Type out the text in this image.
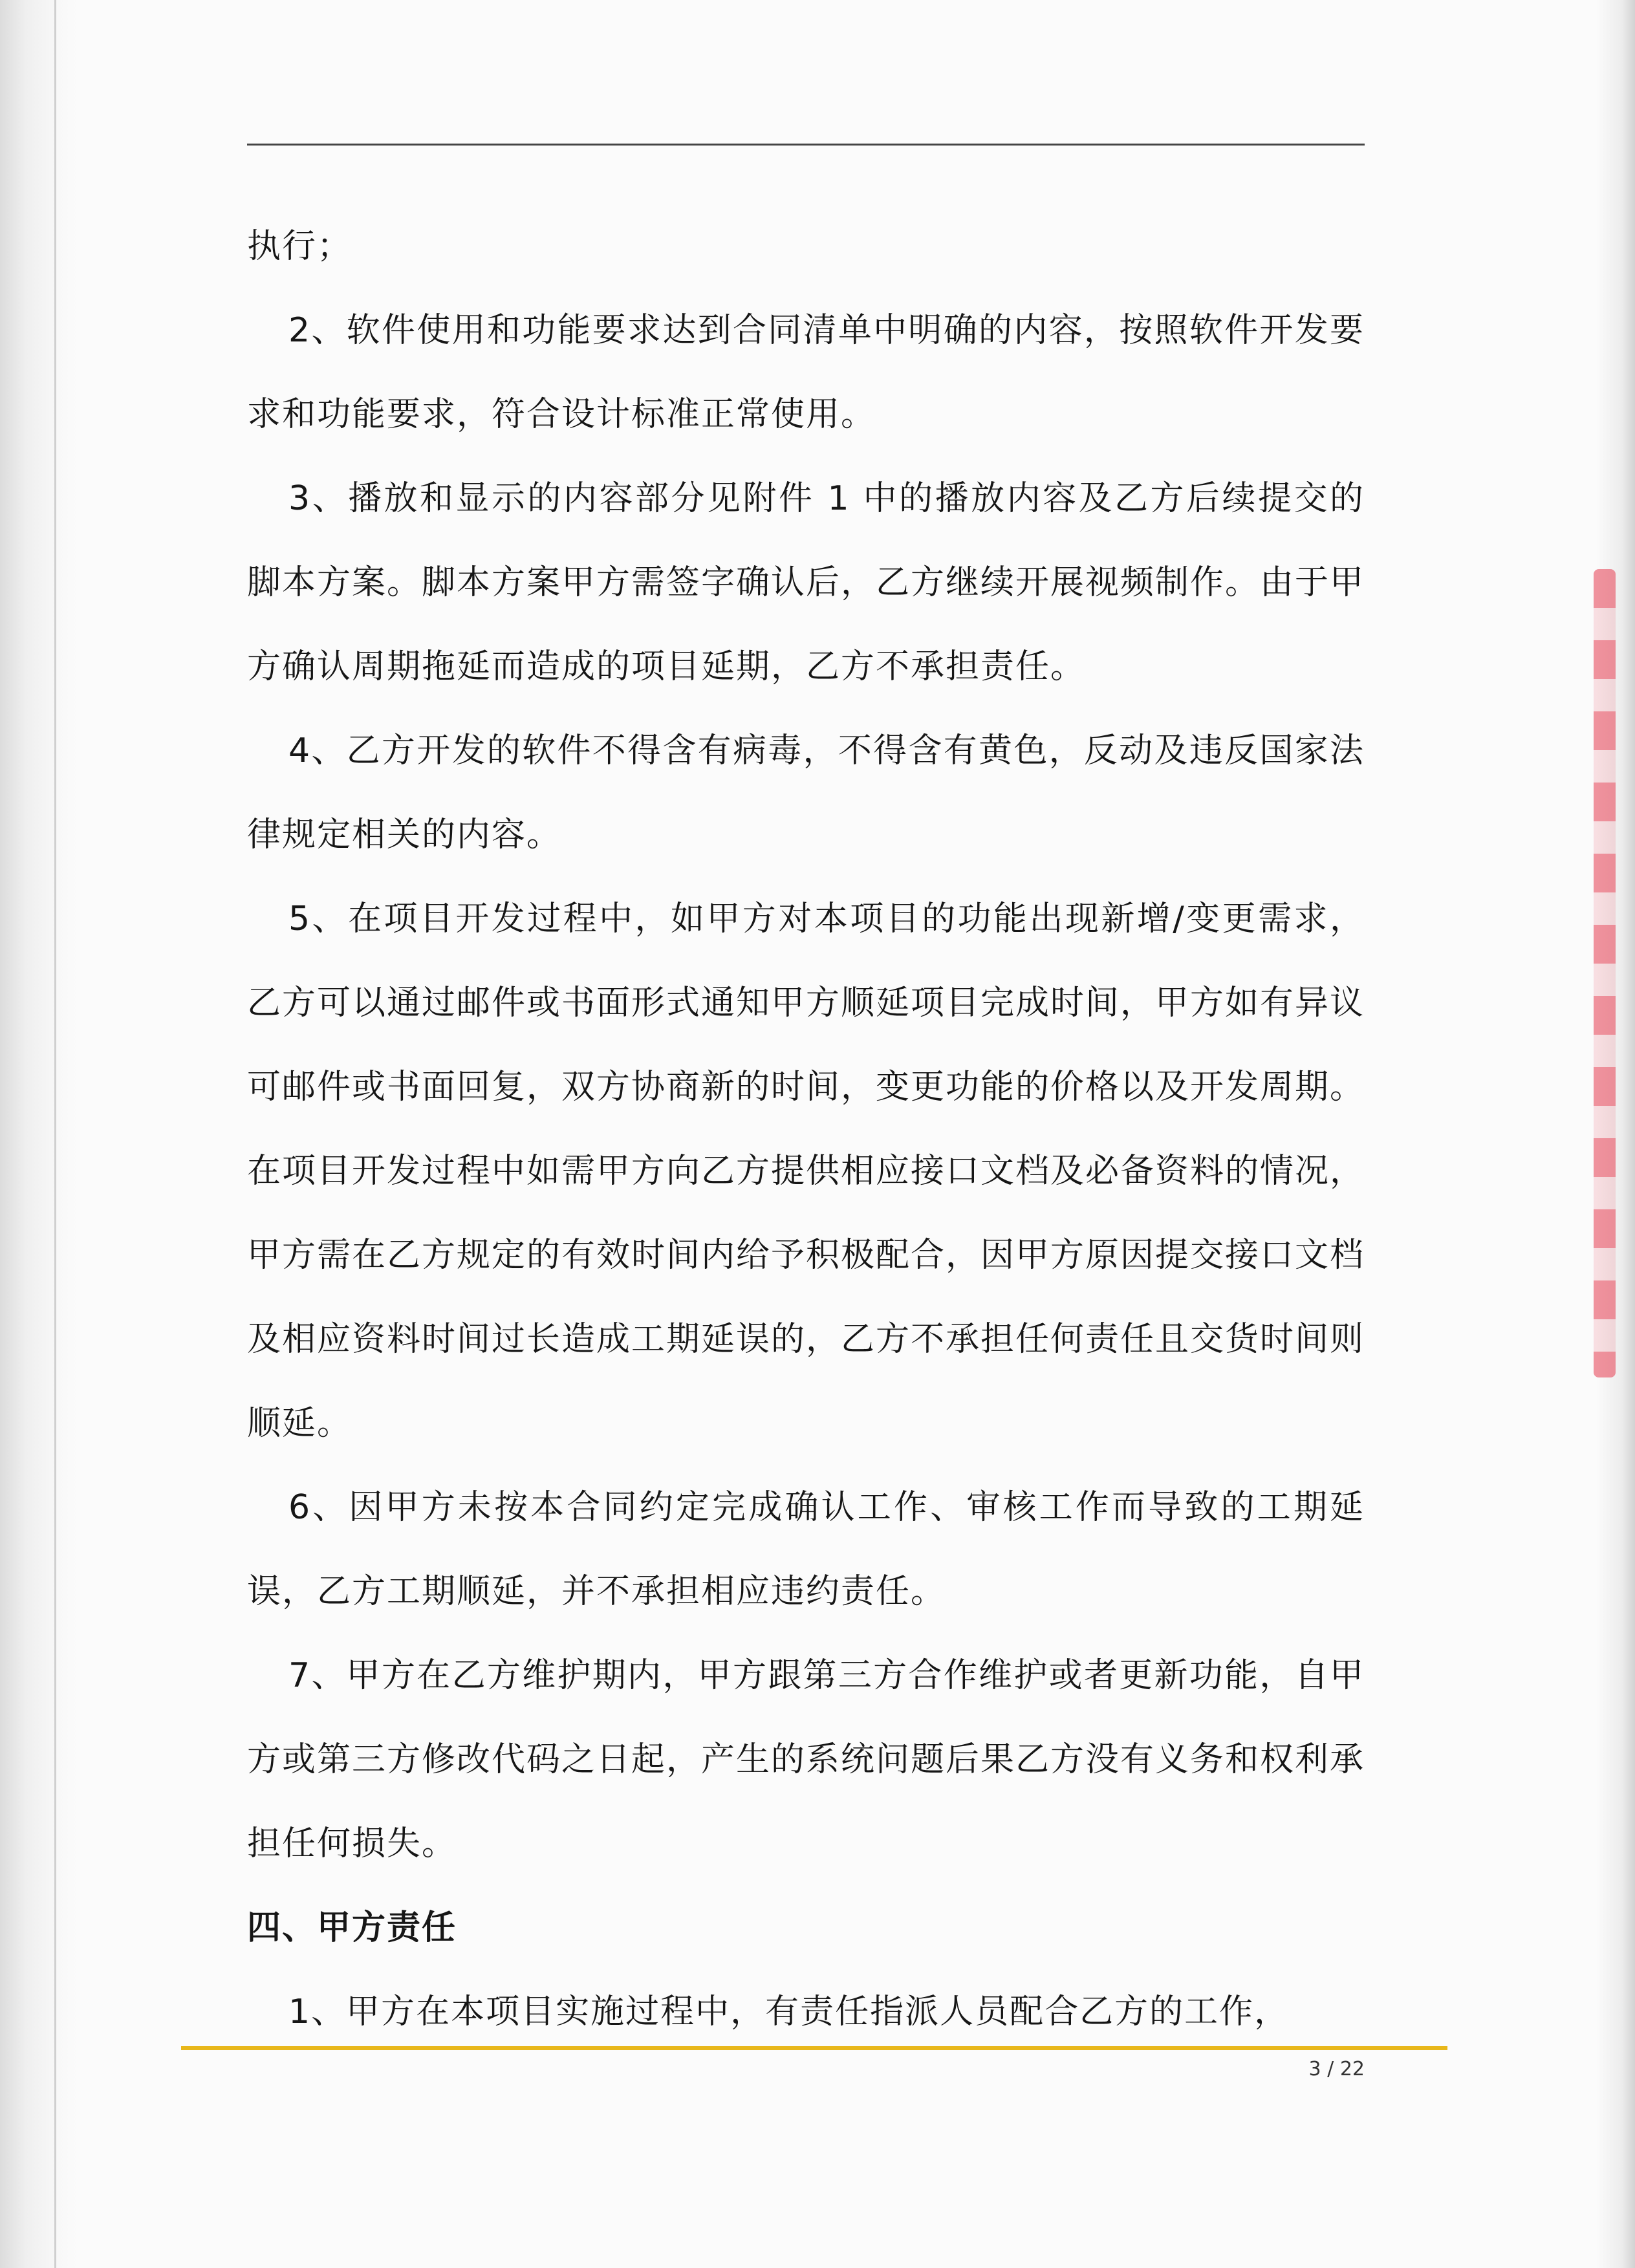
执行；

2、软件使用和功能要求达到合同清单中明确的内容，按照软件开发要求和功能要求，符合设计标准正常使用。

3、播放和显示的内容部分见附件 1 中的播放内容及乙方后续提交的脚本方案。脚本方案甲方需签字确认后，乙方继续开展视频制作。由于甲方确认周期拖延而造成的项目延期，乙方不承担责任。

4、乙方开发的软件不得含有病毒，不得含有黄色，反动及违反国家法律规定相关的内容。

5、在项目开发过程中，如甲方对本项目的功能出现新增/变更需求，乙方可以通过邮件或书面形式通知甲方顺延项目完成时间，甲方如有异议可邮件或书面回复，双方协商新的时间，变更功能的价格以及开发周期。在项目开发过程中如需甲方向乙方提供相应接口文档及必备资料的情况，甲方需在乙方规定的有效时间内给予积极配合，因甲方原因提交接口文档及相应资料时间过长造成工期延误的，乙方不承担任何责任且交货时间则顺延。

6、因甲方未按本合同约定完成确认工作、审核工作而导致的工期延误，乙方工期顺延，并不承担相应违约责任。

7、甲方在乙方维护期内，甲方跟第三方合作维护或者更新功能，自甲方或第三方修改代码之日起，产生的系统问题后果乙方没有义务和权利承担任何损失。

四、甲方责任

1、甲方在本项目实施过程中，有责任指派人员配合乙方的工作，

3 / 22
